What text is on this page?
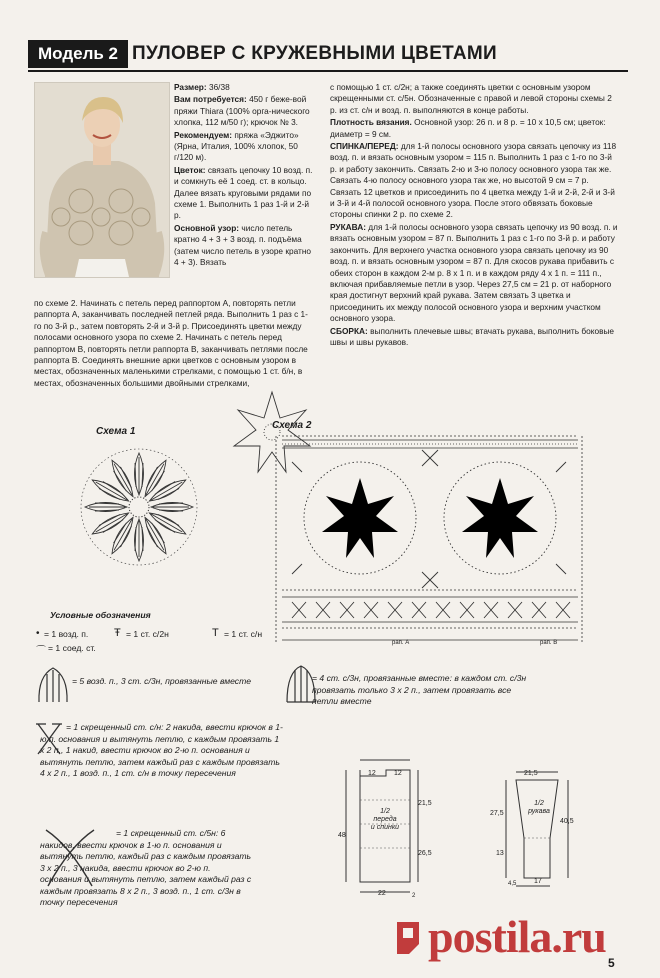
Модель 2 ПУЛОВЕР С КРУЖЕВНЫМИ ЦВЕТАМИ

Размер: 36/38

Вам потребуется: 450 г беже-вой пряжи Thiara (100% орга-нического хлопка, 112 м/50 г); крючок № 3.

Рекомендуем: пряжа «Эджито» (Ярна, Италия, 100% хлопок, 50 г/120 м).

Цветок: связать цепочку 10 возд. п. и сомкнуть её 1 соед. ст. в кольцо. Далее вязать круговыми рядами по схеме 1. Выполнить 1 раз 1-й и 2-й р.

Основной узор: число петель кратно 4 + 3 + 3 возд. п. подъёма (затем число петель в узоре кратно 4 + 3). Вязать

по схеме 2. Начинать с петель перед раппортом А, повторять петли раппорта А, заканчивать последней петлей ряда. Выполнить 1 раз с 1-го по 3-й р., затем повторять 2-й и 3-й р. Присоединять цветки между полосами основного узора по схеме 2. Начинать с петель перед раппортом В, повторять петли раппорта В, заканчивать петлями после раппорта В. Соединять внешние арки цветков с основным узором в местах, обозначенных маленькими стрелками, с помощью 1 ст. б/н, в местах, обозначенных большими двойными стрелками,

с помощью 1 ст. с/2н; а также соединять цветки с основным узором скрещенными ст. с/5н. Обозначенные с правой и левой стороны схемы 2 р. из ст. с/н и возд. п. выполняются в конце работы.

Плотность вязания. Основной узор: 26 п. и 8 р. = 10 х 10,5 см; цветок: диаметр = 9 см.

СПИНКА/ПЕРЕД: для 1-й полосы основного узора связать цепочку из 118 возд. п. и вязать основным узором = 115 п. Выполнить 1 раз с 1-го по 3-й р. и работу закончить. Связать 2-ю и 3-ю полосу основного узора так же. Связать 4-ю полосу основного узора так же, но высотой 9 см = 7 р. Связать 12 цветков и присоединить по 4 цветка между 1-й и 2-й, 2-й и 3-й и 3-й и 4-й полосой основного узора. После этого обвязать боковые стороны спинки 2 р. по схеме 2.

РУКАВА: для 1-й полосы основного узора связать цепочку из 90 возд. п. и вязать основным узором = 87 п. Выполнить 1 раз с 1-го по 3-й р. и работу закончить. Для верхнего участка основного узора связать цепочку из 90 возд. п. и вязать основным узором = 87 п. Для скосов рукава прибавить с обеих сторон в каждом 2-м р. 8 х 1 п. и в каждом ряду 4 х 1 п. = 111 п., включая прибавляемые петли в узор. Через 27,5 см = 21 р. от наборного края достигнут верхний край рукава. Затем связать 3 цветка и присоединить их между полосой основного узора и верхним участком основного узора.

СБОРКА: выполнить плечевые швы; втачать рукава, выполнить боковые швы и швы рукавов.

Схема 1
Схема 2
рап. А	рап. В
Условные обозначения
• = 1 возд. п. Ŧ = 1 ст. с/2н	T = 1 ст. с/н
⌒ = 1 соед. ст.
= 5 возд. п., 3 ст. с/3н, провязанные вместе	= 4 ст. с/3н, провязанные вместе: в каждом ст. с/3н провязать только 3 х 2 п., затем провязать все петли вместе
= 1 скрещенный ст. с/н: 2 накида, ввести крючок в 1-ю п. основания и вытянуть петлю, с каждым провязать 1 х 2 п., 1 накид, ввести крючок во 2-ю п. основания и вытянуть петлю, затем каждый раз с каждым провязать 4 х 2 п., 1 возд. п., 1 ст. с/н в точку пересечения
= 1 скрещенный ст. с/5н: 6 накидов, ввести крючок в 1-ю п. основания и вытянуть петлю, каждый раз с каждым провязать 3 х 2 п., 3 накида, ввести крючок во 2-ю п. основания и вытянуть петлю, затем каждый раз с каждым провязать 8 х 2 п., 3 возд. п., 1 ст. с/3н в точку пересечения
12	12
21,5
48
26,5
22	2
1/2
переда
и спинки
21,5
27,5
40,5
13
17
4,5
1/2
рукава
postila.ru
5
